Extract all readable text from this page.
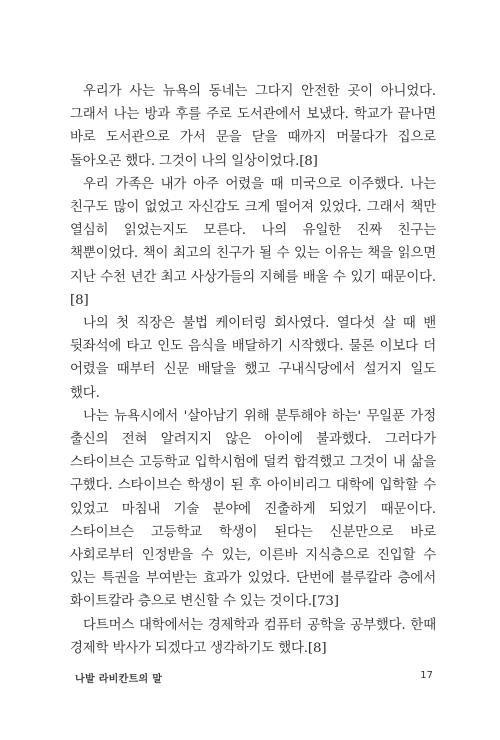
우리가 사는 뉴욕의 동네는 그다지 안전한 곳이 아니었다. 그래서 나는 방과 후를 주로 도서관에서 보냈다. 학교가 끝나면 바로 도서관으로 가서 문을 닫을 때까지 머물다가 집으로 돌아오곤 했다. 그것이 나의 일상이었다.[8]

우리 가족은 내가 아주 어렸을 때 미국으로 이주했다. 나는 친구도 많이 없었고 자신감도 크게 떨어져 있었다. 그래서 책만 열심히 읽었는지도 모른다. 나의 유일한 진짜 친구는 책뿐이었다. 책이 최고의 친구가 될 수 있는 이유는 책을 읽으면 지난 수천 년간 최고 사상가들의 지혜를 배울 수 있기 때문이다.[8]

나의 첫 직장은 불법 케이터링 회사였다. 열다섯 살 때 밴 뒷좌석에 타고 인도 음식을 배달하기 시작했다. 물론 이보다 더 어렸을 때부터 신문 배달을 했고 구내식당에서 설거지 일도 했다.

나는 뉴욕시에서 '살아남기 위해 분투해야 하는' 무일푼 가정 출신의 전혀 알려지지 않은 아이에 불과했다. 그러다가 스타이브슨 고등학교 입학시험에 덜컥 합격했고 그것이 내 삶을 구했다. 스타이브슨 학생이 된 후 아이비리그 대학에 입학할 수 있었고 마침내 기술 분야에 진출하게 되었기 때문이다. 스타이브슨 고등학교 학생이 된다는 신분만으로 바로 사회로부터 인정받을 수 있는, 이른바 지식층으로 진입할 수 있는 특권을 부여받는 효과가 있었다. 단번에 블루칼라 층에서 화이트칼라 층으로 변신할 수 있는 것이다.[73]

다트머스 대학에서는 경제학과 컴퓨터 공학을 공부했다. 한때 경제학 박사가 되겠다고 생각하기도 했다.[8]

나발 라비칸트의 말	17
